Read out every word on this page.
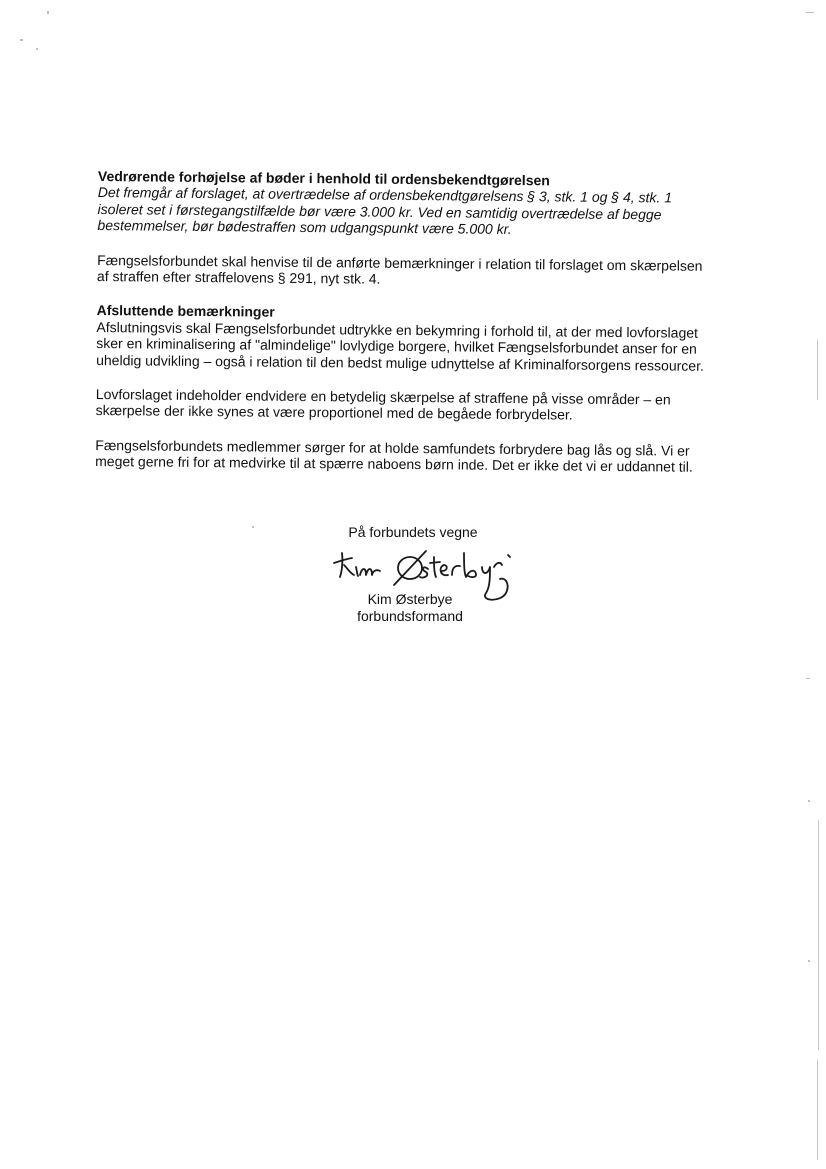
Vedrørende forhøjelse af bøder i henhold til ordensbekendtgørelsen

Det fremgår af forslaget, at overtrædelse af ordensbekendtgørelsens § 3, stk. 1 og § 4, stk. 1
isoleret set i førstegangstilfælde bør være 3.000 kr. Ved en samtidig overtrædelse af begge
bestemmelser, bør bødestraffen som udgangspunkt være 5.000 kr.
Fængselsforbundet skal henvise til de anførte bemærkninger i relation til forslaget om skærpelsen
af straffen efter straffelovens § 291, nyt stk. 4.

Afsluttende bemærkninger

Afslutningsvis skal Fængselsforbundet udtrykke en bekymring i forhold til, at der med lovforslaget
sker en kriminalisering af "almindelige" lovlydige borgere, hvilket Fængselsforbundet anser for en
uheldig udvikling – også i relation til den bedst mulige udnyttelse af Kriminalforsorgens ressourcer.
Lovforslaget indeholder endvidere en betydelig skærpelse af straffene på visse områder – en
skærpelse der ikke synes at være proportionel med de begåede forbrydelser.
Fængselsforbundets medlemmer sørger for at holde samfundets forbrydere bag lås og slå. Vi er
meget gerne fri for at medvirke til at spærre naboens børn inde. Det er ikke det vi er uddannet til.
På forbundets vegne
Kim Østerbye
forbundsformand
